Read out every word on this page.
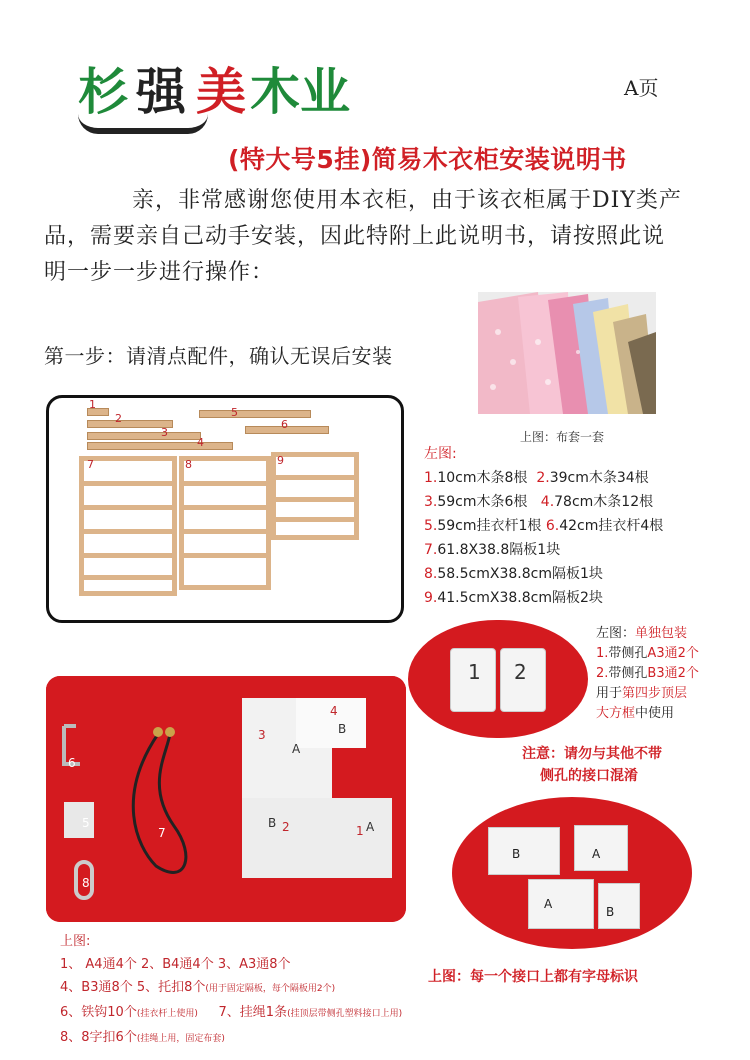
杉 强 美 木业	A页
(特大号5挂)简易木衣柜安装说明书
亲，非常感谢您使用本衣柜，由于该衣柜属于DIY类产品，需要亲自己动手安装，因此特附上此说明书，请按照此说明一步一步进行操作：
第一步：请清点配件，确认无误后安装
上图：布套一套
1
2
3
4
5
6
7	8	9	左图:
1.10cm木条8根 2.39cm木条34根
3.59cm木条6根 4.78cm木条12根
5.59cm挂衣杆1根 6.42cm挂衣杆4根
7.61.8X38.8隔板1块
8.58.5cmX38.8cm隔板1块
9.41.5cmX38.8cm隔板2块
1 2
左图：单独包装
1.带侧孔A3通2个
2.带侧孔B3通2个
用于第四步顶层
大方框中使用
注意：请勿与其他不带
侧孔的接口混淆
6
5
8
7
3
4
2	1
B
A
B	A
上图:
1、 A4通4个 2、B4通4个 3、A3通8个
4、B3通8个 5、托扣8个(用于固定隔板，每个隔板用2个)
6、铁钩10个(挂衣杆上使用) 7、挂绳1条(挂顶层带侧孔塑料接口上用)
8、8字扣6个(挂绳上用，固定布套)
B	A
A
B
上图：每一个接口上都有字母标识
